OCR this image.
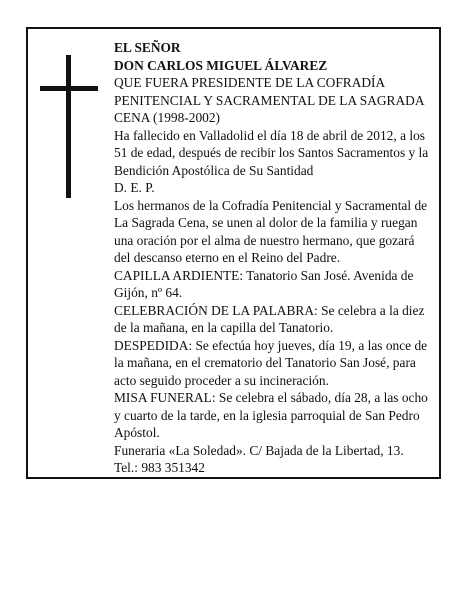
EL SEÑOR

DON CARLOS MIGUEL ÁLVAREZ

QUE FUERA PRESIDENTE DE LA COFRADÍA PENITENCIAL Y SACRAMENTAL DE LA SAGRADA CENA (1998-2002)

Ha fallecido en Valladolid el día 18 de abril de 2012, a los 51 de edad, después de recibir los Santos Sacramentos y la Bendición Apostólica de Su Santidad

D. E. P.

Los hermanos de la Cofradía Penitencial y Sacramental de La Sagrada Cena, se unen al dolor de la familia y ruegan una oración por el alma de nuestro hermano, que gozará del descanso eterno en el Reino del Padre.

CAPILLA ARDIENTE: Tanatorio San José. Avenida de Gijón, nº 64.

CELEBRACIÓN DE LA PALABRA: Se celebra a la diez de la mañana, en la capilla del Tanatorio.

DESPEDIDA: Se efectúa hoy jueves, día 19, a las once de la mañana, en el crematorio del Tanatorio San José, para acto seguido proceder a su incineración.

MISA FUNERAL: Se celebra el sábado, día 28, a las ocho y cuarto de la tarde, en la iglesia parroquial de San Pedro Apóstol.

Funeraria «La Soledad». C/ Bajada de la Libertad, 13.

Tel.: 983 351342
